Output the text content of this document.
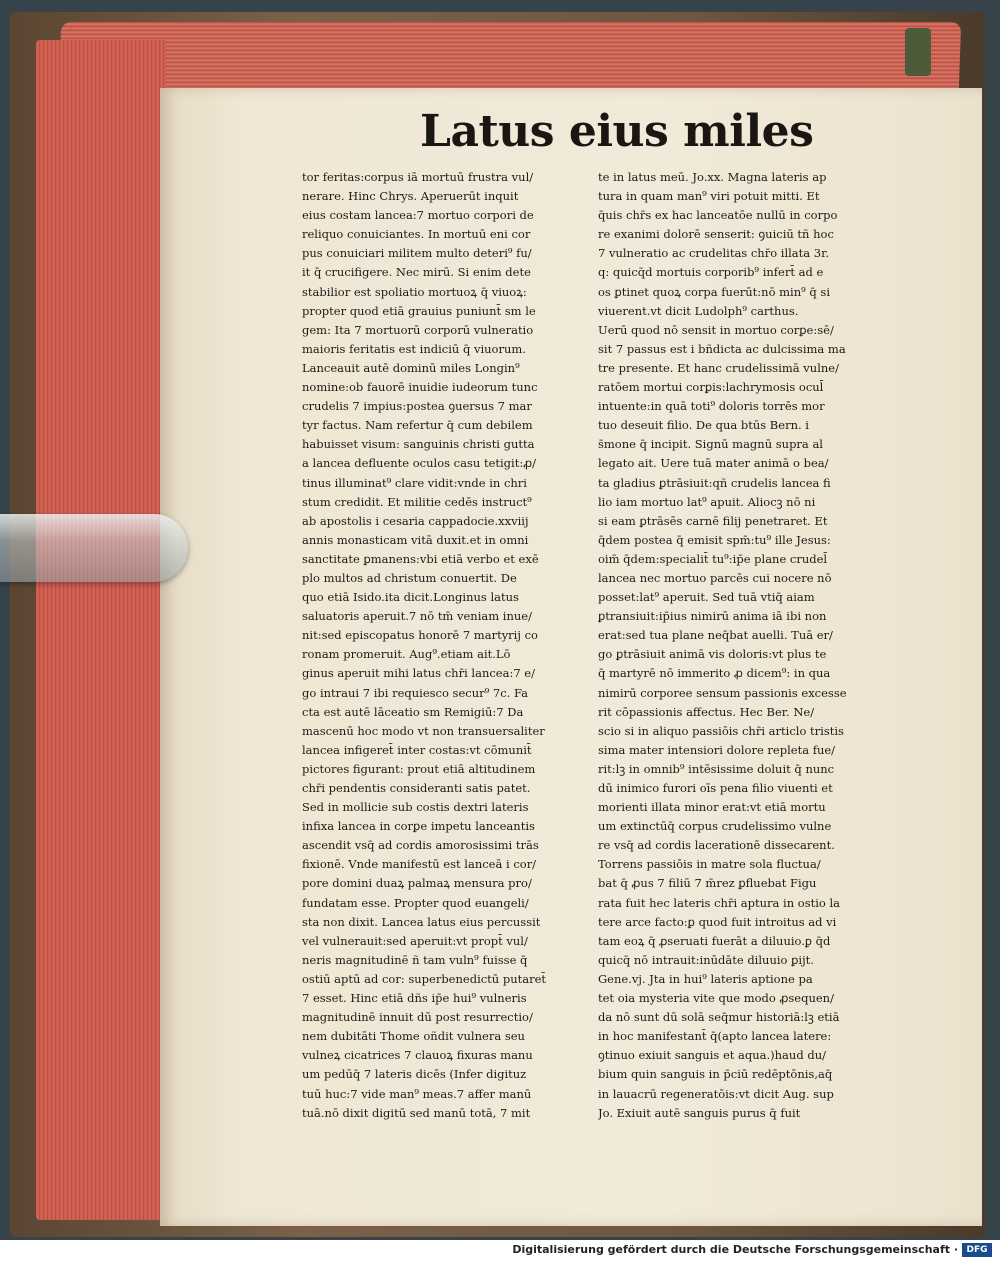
Latus eius miles
tor feritas:corpus iā mortuū frustra vul/
nerare. Hinc Chrys. Aperuerūt inquit
eius costam lancea:7 mortuo corpori de
reliquo conuiciantes. In mortuū eni cor
pus conuiciari militem multo deteri⁹ fu/
it q̄ crucifigere. Nec mirū. Si enim dete
stabilior est spoliatio mortuoꝝ q̄ viuoꝝ:
propter quod etiā grauius puniunt̄ sm le
gem: Ita 7 mortuorū corporū vulneratio
maioris feritatis est indiciū q̄ viuorum.
Lanceauit autē dominū miles Longin⁹
nomine:ob fauorē inuidie iudeorum tunc
crudelis 7 impius:postea ꝯuersus 7 mar
tyr factus. Nam refertur q̄ cum debilem
habuisset visum: sanguinis christi gutta
a lancea defluente oculos casu tetigit:ꝓ/
tinus illuminat⁹ clare vidit:vnde in chri
stum credidit. Et militie cedēs instruct⁹
ab apostolis i cesaria cappadocie.xxviij
annis monasticam vitā duxit.et in omni
sanctitate ꝑmanens:vbi etiā verbo et exē
plo multos ad christum conuertit. De
quo etiā Isido.ita dicit.Longinus latus
saluatoris aperuit.7 nō tm̄ veniam inue/
nit:sed episcopatus honorē 7 martyrij co
ronam promeruit. Aug⁹.etiam ait.Lō
ginus aperuit mihi latus chr̄i lancea:7 e/
go intraui 7 ibi requiesco secur⁹ 7c. Fa
cta est autē lāceatio sm Remigiū:7 Da
mascenū hoc modo vt non transuersaliter
lancea infigeret̄ inter costas:vt cōmunit̄
pictores figurant: prout etiā altitudinem
chr̄i pendentis consideranti satis patet.
Sed in mollicie sub costis dextri lateris
infixa lancea in corꝑe impetu lanceantis
ascendit vsq̄ ad cordis amorosissimi trās
fixionē. Vnde manifestū est lanceā i cor/
pore domini duaꝝ palmaꝝ mensura pro/
fundatam esse. Propter quod euangeli/
sta non dixit. Lancea latus eius percussit
vel vulnerauit:sed aperuit:vt propt̄ vul/
neris magnitudinē ñ tam vuln⁹ fuisse q̄
ostiū aptū ad cor: superbenedictū putaret̄
7 esset. Hinc etiā dñs ip̄e hui⁹ vulneris
magnitudinē innuit dū post resurrectio/
nem dubitāti Thome oñdit vulnera seu
vulneꝝ cicatrices 7 clauoꝝ fixuras manu
um pedūq̄ 7 lateris dicēs (Infer digituz
tuū huc:7 vide man⁹ meas.7 affer manū
tuā.nō dixit digitū sed manū totā, 7 mit
te in latus meū. Jo.xx. Magna lateris ap
tura in quam man⁹ viri potuit mitti. Et
q̄uis chr̄s ex hac lanceatōe nullū in corpo
re exanimi dolorē senserit: ꝯuiciū tñ hoc
7 vulneratio ac crudelitas chr̄o illata 3r.
q: quicq̄d mortuis corporib⁹ infert̄ ad e
os ꝑtinet quoꝝ corpa fuerūt:nō min⁹ q̄ si
viuerent.vt dicit Ludolph⁹ carthus.
Uerū quod nō sensit in mortuo corꝑe:sē/
sit 7 passus est i bñdicta ac dulcissima ma
tre presente. Et hanc crudelissimā vulne/
ratōem mortui corꝑis:lachrymosis ocul̄
intuente:in quā toti⁹ doloris torrēs mor
tuo deseuit filio. De qua btūs Bern. i
s̄mone q̄ incipit. Signū magnū supra al
legato ait. Uere tuā mater animā o bea/
ta gladius ꝑtrāsiuit:qñ crudelis lancea fi
lio iam mortuo lat⁹ apuit. Aliocꝫ nō ni
si eam ꝑtrāsēs carnē filij penetraret. Et
q̄dem postea q̄ emisit spm̄:tu⁹ ille Jesus:
oim̄ q̄dem:specialit̄ tu⁹:ip̄e plane crudel̄
lancea nec mortuo parcēs cui nocere nō
posset:lat⁹ aperuit. Sed tuā vtiq̄ aiam
ꝑtransiuit:ip̄ius nimirū anima iā ibi non
erat:sed tua plane neq̄bat auelli. Tuā er/
go ꝑtrāsiuit animā vis doloris:vt plus te
q̄ martyrē nō immerito ꝓ dicem⁹: in qua
nimirū corporee sensum passionis excesse
rit cōpassionis affectus. Hec Ber. Ne/
scio si in aliquo passiōis chr̄i articlo tristis
sima mater intensiori dolore repleta fue/
rit:lꝫ in omnib⁹ intēsissime doluit q̄ nunc
dū inimico furori oīs pena filio viuenti et
morienti illata minor erat:vt etiā mortu
um extinctūq̄ corpus crudelissimo vulne
re vsq̄ ad cordis lacerationē dissecarent.
Torrens passiōis in matre sola fluctua/
bat q̄ ꝓus 7 filiū 7 m̄rez ꝑfluebat Figu
rata fuit hec lateris chr̄i aptura in ostio la
tere arce facto:ꝑ quod fuit introitus ad vi
tam eoꝝ q̄ ꝓseruati fuerāt a diluuio.ꝑ q̄d
quicq̄ nō intrauit:inūdāte diluuio ꝑijt.
Gene.vj. Jta in hui⁹ lateris aptione pa
tet oia mysteria vite que modo ꝓsequen/
da nō sunt dū solā seq̄mur historiā:lꝫ etiā
in hoc manifestant̄ q̄(apto lancea latere:
ꝯtinuo exiuit sanguis et aqua.)haud du/
bium quin sanguis in p̄ciū redēptōnis,aq̄
in lauacrū regeneratōis:vt dicit Aug. sup
Jo. Exiuit autē sanguis purus q̄ fuit
Digitalisierung gefördert durch die Deutsche Forschungsgemeinschaft · DFG
